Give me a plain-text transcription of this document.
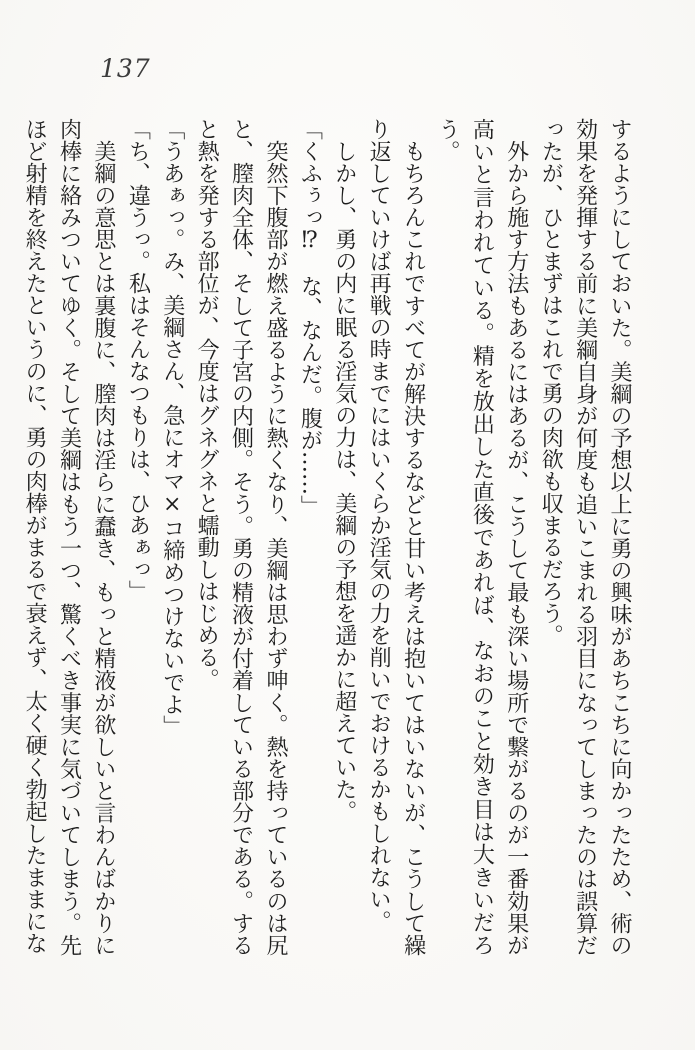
137

するようにしておいた。美綱の予想以上に勇の興味があちこちに向かったため、術の効果を発揮する前に美綱自身が何度も追いこまれる羽目になってしまったのは誤算だったが、ひとまずはこれで勇の肉欲も収まるだろう。

　外から施す方法もあるにはあるが、こうして最も深い場所で繋がるのが一番効果が高いと言われている。精を放出した直後であれば、なおのこと効き目は大きいだろう。

　もちろんこれですべてが解決するなどと甘い考えは抱いてはいないが、こうして繰り返していけば再戦の時までにはいくらか淫気の力を削いでおけるかもしれない。

　しかし、勇の内に眠る淫気の力は、美綱の予想を遥かに超えていた。

「くふぅっ⁉　な、なんだ。腹が……」

　突然下腹部が燃え盛るように熱くなり、美綱は思わず呻く。熱を持っているのは尻と、膣肉全体、そして子宮の内側。そう。勇の精液が付着している部分である。すると熱を発する部位が、今度はグネグネと蠕動しはじめる。

「うあぁっ。み、美綱さん、急にオマ×コ締めつけないでよ」

「ち、違うっ。私はそんなつもりは、ひあぁっ」

　美綱の意思とは裏腹に、膣肉は淫らに蠢き、もっと精液が欲しいと言わんばかりに肉棒に絡みついてゆく。そして美綱はもう一つ、驚くべき事実に気づいてしまう。先ほど射精を終えたというのに、勇の肉棒がまるで衰えず、太く硬く勃起したままにな
